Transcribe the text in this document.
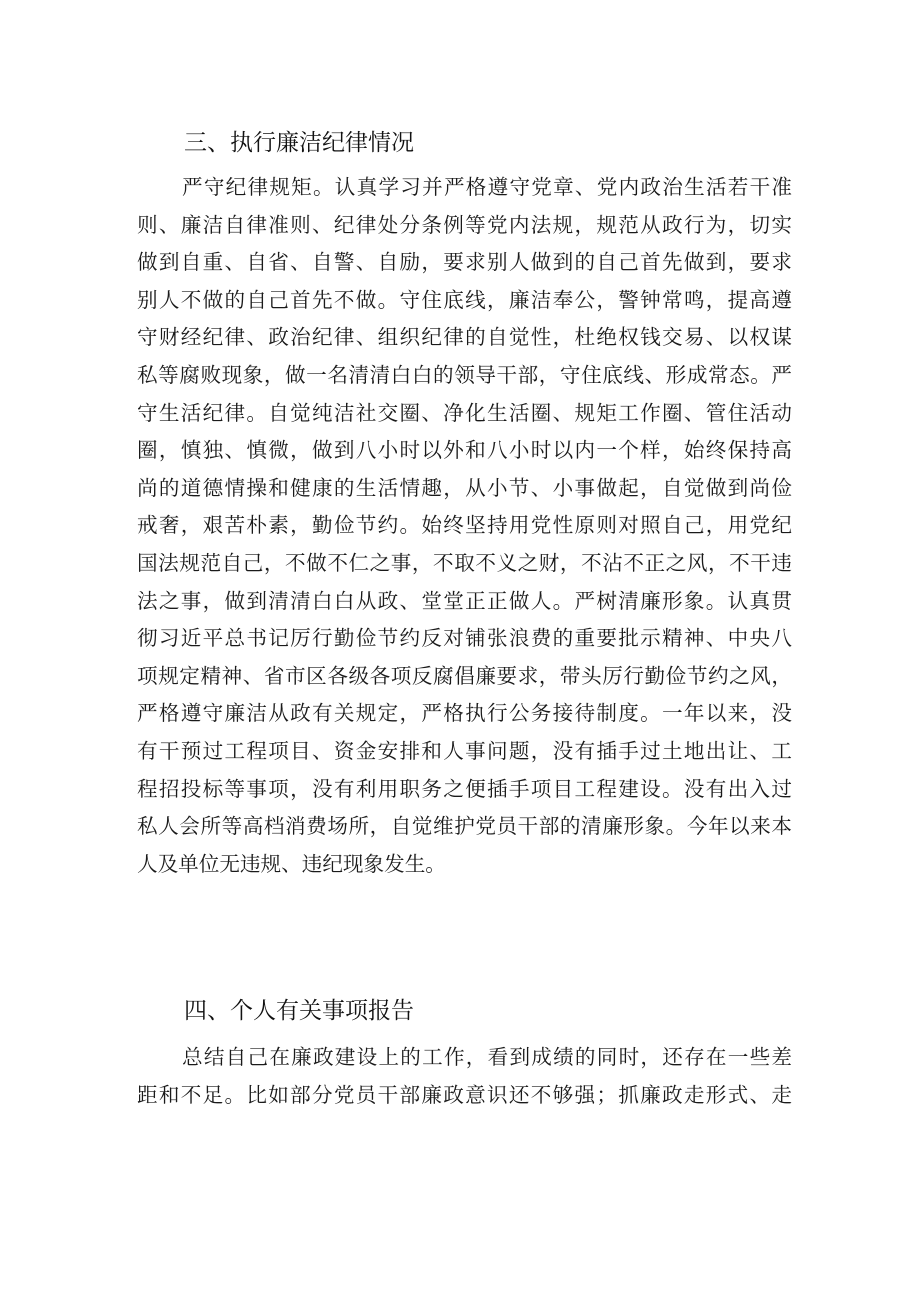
三、执行廉洁纪律情况
严守纪律规矩。认真学习并严格遵守党章、党内政治生活若干准
则、廉洁自律准则、纪律处分条例等党内法规，规范从政行为，切实
做到自重、自省、自警、自励，要求别人做到的自己首先做到，要求
别人不做的自己首先不做。守住底线，廉洁奉公，警钟常鸣，提高遵
守财经纪律、政治纪律、组织纪律的自觉性，杜绝权钱交易、以权谋
私等腐败现象，做一名清清白白的领导干部，守住底线、形成常态。严
守生活纪律。自觉纯洁社交圈、净化生活圈、规矩工作圈、管住活动
圈，慎独、慎微，做到八小时以外和八小时以内一个样，始终保持高
尚的道德情操和健康的生活情趣，从小节、小事做起，自觉做到尚俭
戒奢，艰苦朴素，勤俭节约。始终坚持用党性原则对照自己，用党纪
国法规范自己，不做不仁之事，不取不义之财，不沾不正之风，不干违
法之事，做到清清白白从政、堂堂正正做人。严树清廉形象。认真贯
彻习近平总书记厉行勤俭节约反对铺张浪费的重要批示精神、中央八
项规定精神、省市区各级各项反腐倡廉要求，带头厉行勤俭节约之风，
严格遵守廉洁从政有关规定，严格执行公务接待制度。一年以来，没
有干预过工程项目、资金安排和人事问题，没有插手过土地出让、工
程招投标等事项，没有利用职务之便插手项目工程建设。没有出入过
私人会所等高档消费场所，自觉维护党员干部的清廉形象。今年以来本
人及单位无违规、违纪现象发生。
四、个人有关事项报告
总结自己在廉政建设上的工作，看到成绩的同时，还存在一些差
距和不足。比如部分党员干部廉政意识还不够强；抓廉政走形式、走
